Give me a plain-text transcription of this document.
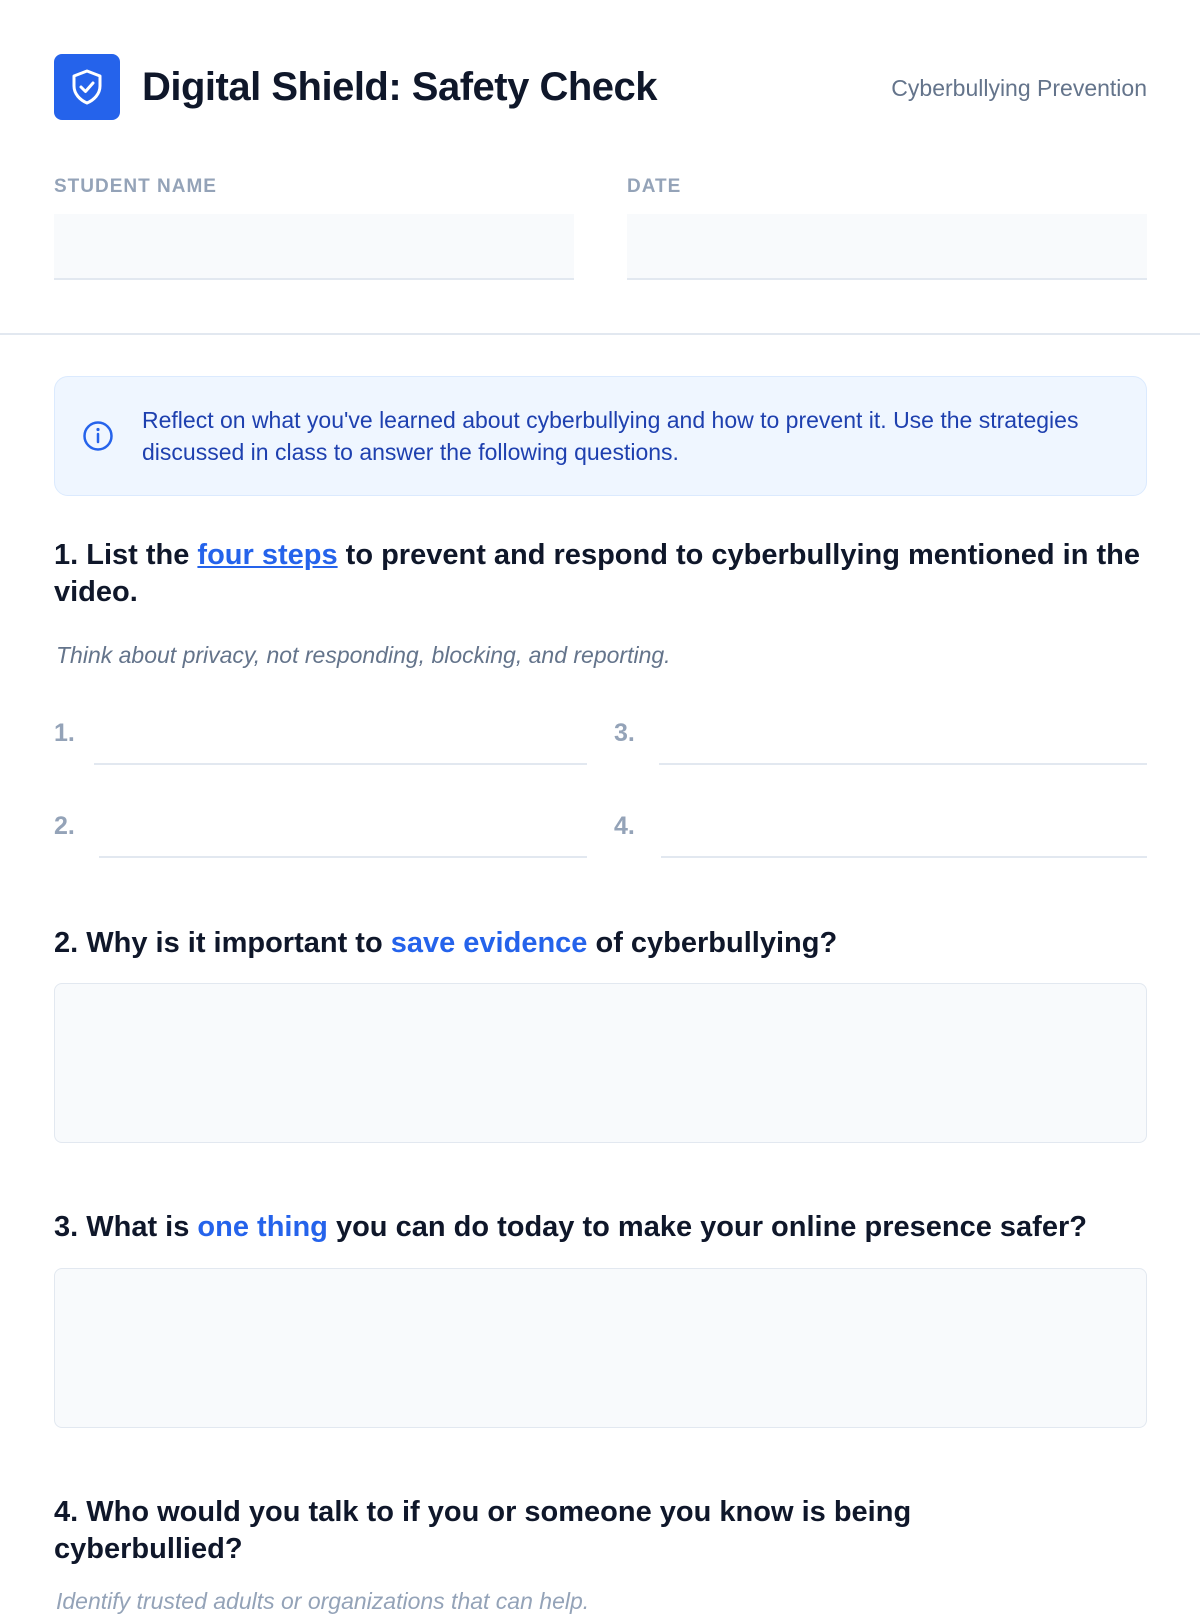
Digital Shield: Safety Check	Cyberbullying Prevention
STUDENT NAME	DATE
Reflect on what you've learned about cyberbullying and how to prevent it. Use the strategies discussed in class to answer the following questions.
1. List the four steps to prevent and respond to cyberbullying mentioned in the video.
Think about privacy, not responding, blocking, and reporting.
1.
2.
3.
4.
2. Why is it important to save evidence of cyberbullying?
3. What is one thing you can do today to make your online presence safer?
4. Who would you talk to if you or someone you know is being cyberbullied?
Identify trusted adults or organizations that can help.
